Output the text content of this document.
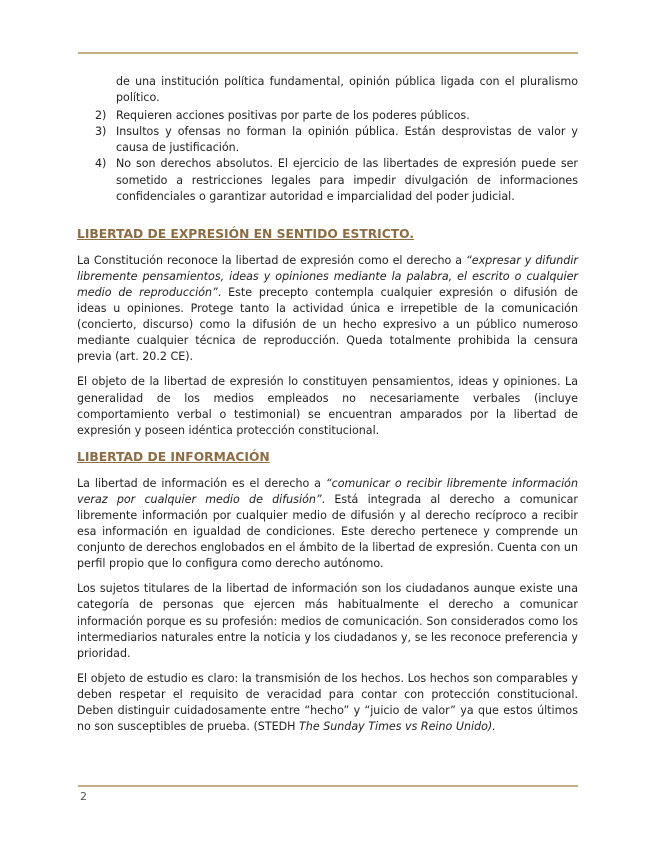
de una institución política fundamental, opinión pública ligada con el pluralismo político.

2) Requieren acciones positivas por parte de los poderes públicos.
3) Insultos y ofensas no forman la opinión pública. Están desprovistas de valor y causa de justificación.
4) No son derechos absolutos. El ejercicio de las libertades de expresión puede ser sometido a restricciones legales para impedir divulgación de informaciones confidenciales o garantizar autoridad e imparcialidad del poder judicial.
LIBERTAD DE EXPRESIÓN EN SENTIDO ESTRICTO.

La Constitución reconoce la libertad de expresión como el derecho a “expresar y difundir libremente pensamientos, ideas y opiniones mediante la palabra, el escrito o cualquier medio de reproducción”. Este precepto contempla cualquier expresión o difusión de ideas u opiniones. Protege tanto la actividad única e irrepetible de la comunicación (concierto, discurso) como la difusión de un hecho expresivo a un público numeroso mediante cualquier técnica de reproducción. Queda totalmente prohibida la censura previa (art. 20.2 CE).

El objeto de la libertad de expresión lo constituyen pensamientos, ideas y opiniones. La generalidad de los medios empleados no necesariamente verbales (incluye comportamiento verbal o testimonial) se encuentran amparados por la libertad de expresión y poseen idéntica protección constitucional.

LIBERTAD DE INFORMACIÓN

La libertad de información es el derecho a “comunicar o recibir libremente información veraz por cualquier medio de difusión”. Está integrada al derecho a comunicar libremente información por cualquier medio de difusión y al derecho recíproco a recibir esa información en igualdad de condiciones. Este derecho pertenece y comprende un conjunto de derechos englobados en el ámbito de la libertad de expresión. Cuenta con un perfil propio que lo configura como derecho autónomo.

Los sujetos titulares de la libertad de información son los ciudadanos aunque existe una categoría de personas que ejercen más habitualmente el derecho a comunicar información porque es su profesión: medios de comunicación. Son considerados como los intermediarios naturales entre la noticia y los ciudadanos y, se les reconoce preferencia y prioridad.

El objeto de estudio es claro: la transmisión de los hechos. Los hechos son comparables y deben respetar el requisito de veracidad para contar con protección constitucional. Deben distinguir cuidadosamente entre “hecho” y “juicio de valor” ya que estos últimos no son susceptibles de prueba. (STEDH The Sunday Times vs Reino Unido).

2
